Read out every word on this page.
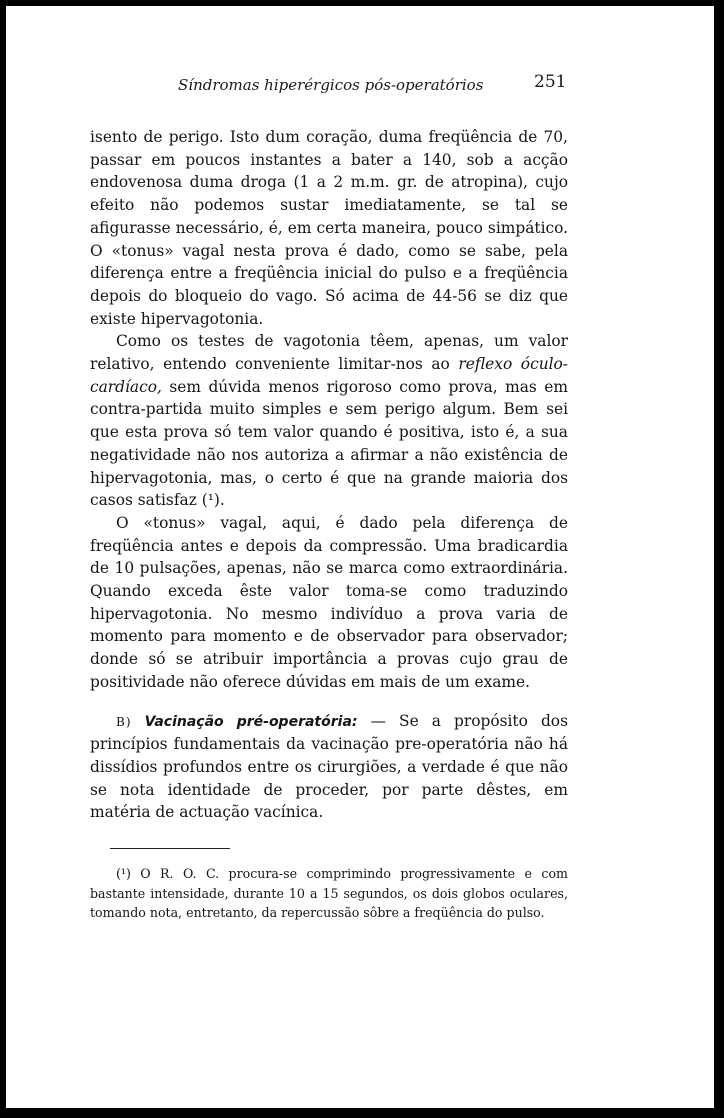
Síndromas hiperérgicos pós-operatórios	251

isento de perigo. Isto dum coração, duma freqüência de 70, passar em poucos instantes a bater a 140, sob a acção endovenosa duma droga (1 a 2 m.m. gr. de atropina), cujo efeito não podemos sustar imediatamente, se tal se afigurasse necessário, é, em certa maneira, pouco simpático. O «tonus» vagal nesta prova é dado, como se sabe, pela diferença entre a freqüência inicial do pulso e a freqüência depois do bloqueio do vago. Só acima de 44-56 se diz que existe hipervagotonia.

Como os testes de vagotonia têem, apenas, um valor relativo, entendo conveniente limitar-nos ao reflexo óculo-cardíaco, sem dúvida menos rigoroso como prova, mas em contra-partida muito simples e sem perigo algum. Bem sei que esta prova só tem valor quando é positiva, isto é, a sua negatividade não nos autoriza a afirmar a não existência de hipervagotonia, mas, o certo é que na grande maioria dos casos satisfaz (¹).

O «tonus» vagal, aqui, é dado pela diferença de freqüência antes e depois da compressão. Uma bradicardia de 10 pulsações, apenas, não se marca como extraordinária. Quando exceda êste valor toma-se como traduzindo hipervagotonia. No mesmo indivíduo a prova varia de momento para momento e de observador para observador; donde só se atribuir importância a provas cujo grau de positividade não oferece dúvidas em mais de um exame.

B) Vacinação pré-operatória: — Se a propósito dos princípios fundamentais da vacinação pre-operatória não há dissídios profundos entre os cirurgiões, a verdade é que não se nota identidade de proceder, por parte dêstes, em matéria de actuação vacínica.

(¹) O R. O. C. procura-se comprimindo progressivamente e com bastante intensidade, durante 10 a 15 segundos, os dois globos oculares, tomando nota, entretanto, da repercussão sôbre a freqüência do pulso.
